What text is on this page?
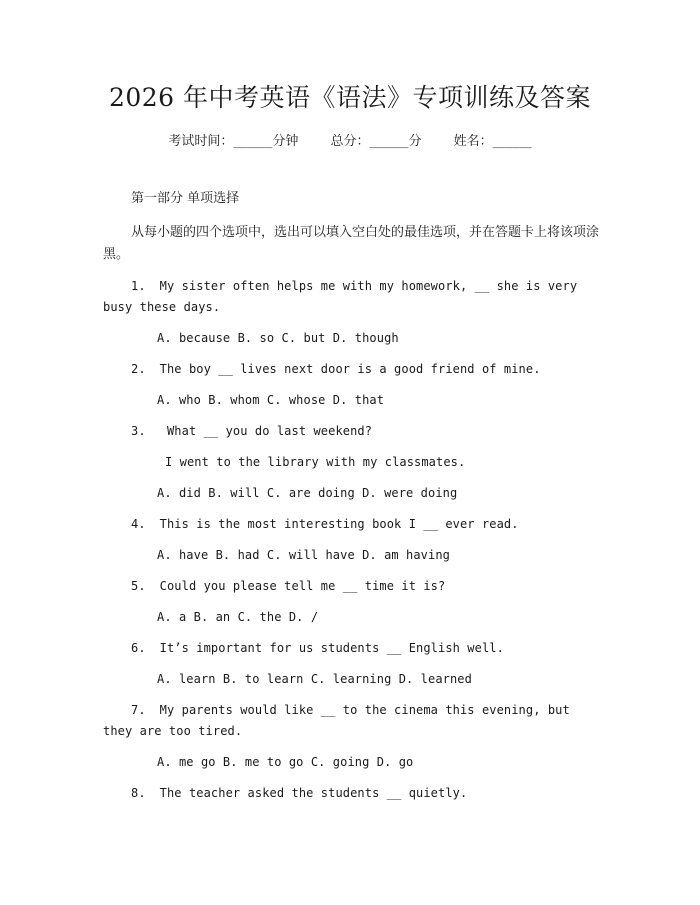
2026 年中考英语《语法》专项训练及答案
考试时间：______分钟 总分：______分 姓名：______
第一部分 单项选择
从每小题的四个选项中，选出可以填入空白处的最佳选项，并在答题卡上将该项涂黑。
1. My sister often helps me with my homework, __ she is very busy these days.
A. because B. so C. but D. though
2. The boy __ lives next door is a good friend of mine.
A. who B. whom C. whose D. that
3. What __ you do last weekend?
I went to the library with my classmates.
A. did B. will C. are doing D. were doing
4. This is the most interesting book I __ ever read.
A. have B. had C. will have D. am having
5. Could you please tell me __ time it is?
A. a B. an C. the D. /
6. It’s important for us students __ English well.
A. learn B. to learn C. learning D. learned
7. My parents would like __ to the cinema this evening, but they are too tired.
A. me go B. me to go C. going D. go
8. The teacher asked the students __ quietly.
